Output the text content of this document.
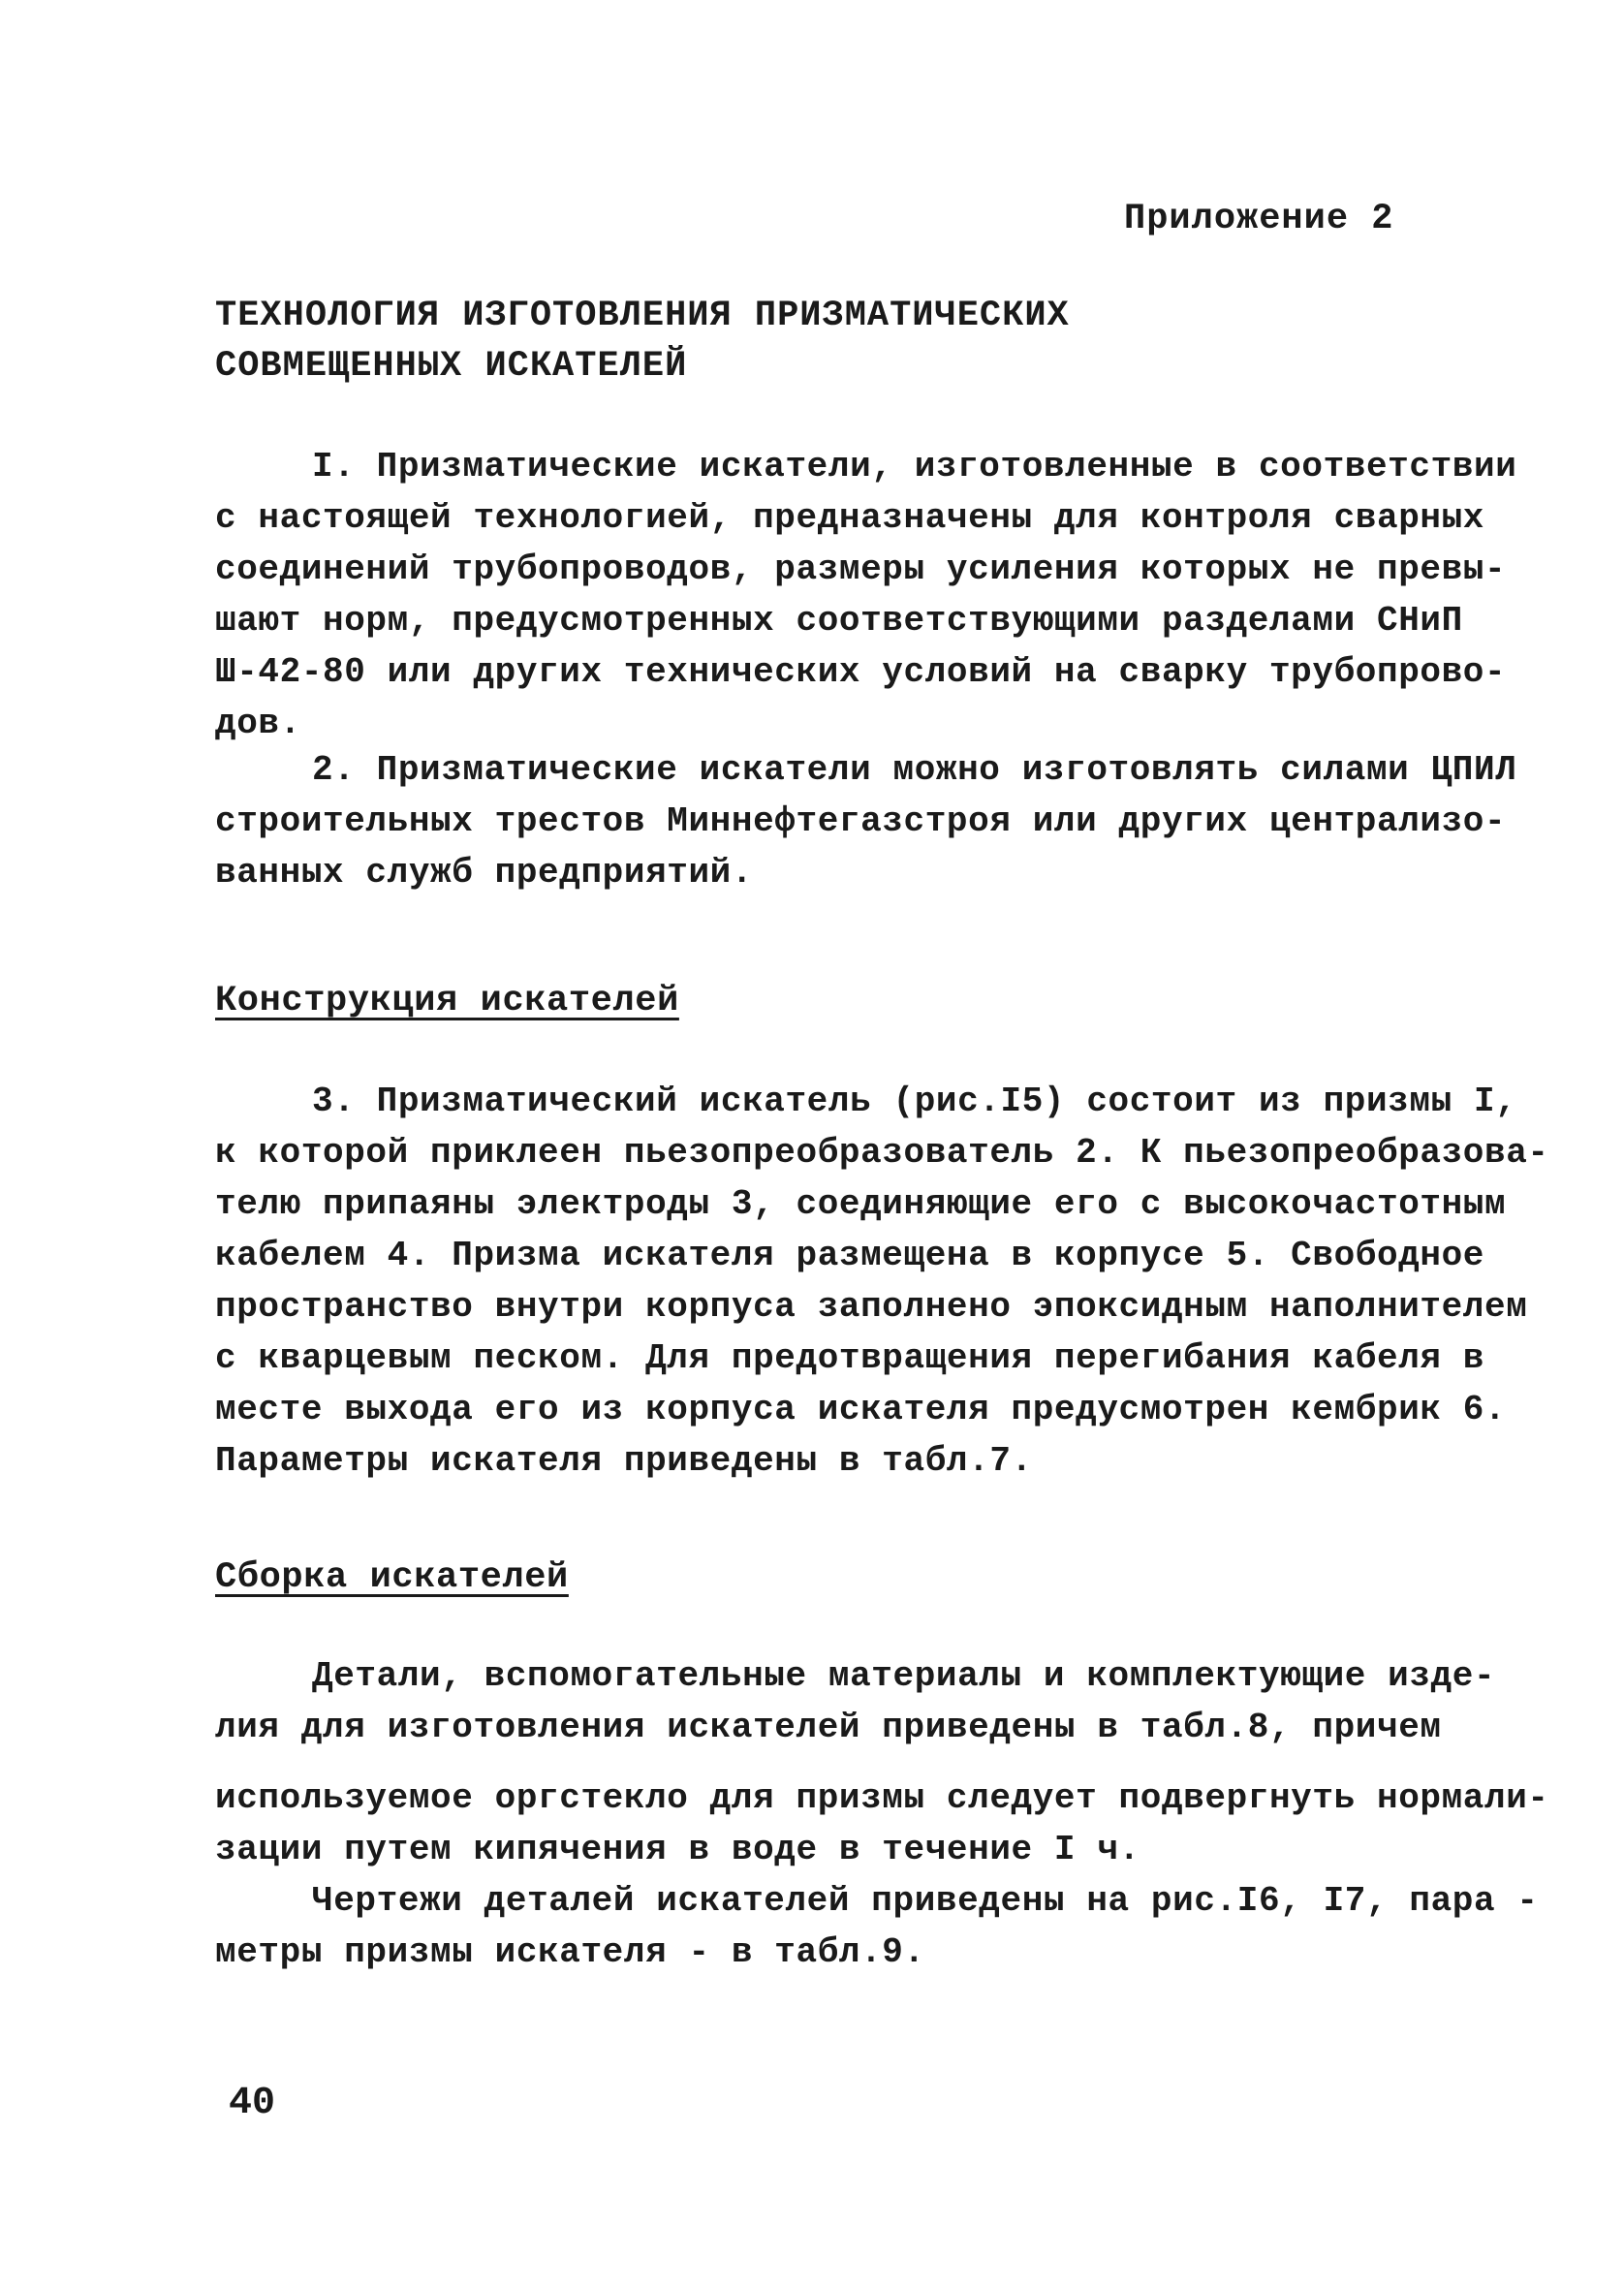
Приложение 2
ТЕХНОЛОГИЯ ИЗГОТОВЛЕНИЯ ПРИЗМАТИЧЕСКИХ
СОВМЕЩЕННЫХ ИСКАТЕЛЕЙ
I. Призматические искатели, изготовленные в соответствии
с настоящей технологией, предназначены для контроля сварных
соединений трубопроводов, размеры усиления которых не превы-
шают норм, предусмотренных соответствующими разделами СНиП
Ш-42-80 или других технических условий на сварку трубопрово-
дов.
2. Призматические искатели можно изготовлять силами ЦПИЛ
строительных трестов Миннефтегазстроя или других централизо-
ванных служб предприятий.
Конструкция искателей
3. Призматический искатель (рис.I5) состоит из призмы I,
к которой приклеен пьезопреобразователь 2. К пьезопреобразова-
телю припаяны электроды 3, соединяющие его с высокочастотным
кабелем 4. Призма искателя размещена в корпусе 5. Свободное
пространство внутри корпуса заполнено эпоксидным наполнителем
с кварцевым песком. Для предотвращения перегибания кабеля в
месте выхода его из корпуса искателя предусмотрен кембрик 6.
Параметры искателя приведены в табл.7.
Сборка искателей
Детали, вспомогательные материалы и комплектующие изде-
лия для изготовления искателей приведены в табл.8, причем
используемое оргстекло для призмы следует подвергнуть нормали-
зации путем кипячения в воде в течение I ч.
Чертежи деталей искателей приведены на рис.I6, I7, пара -
метры призмы искателя - в табл.9.
40
